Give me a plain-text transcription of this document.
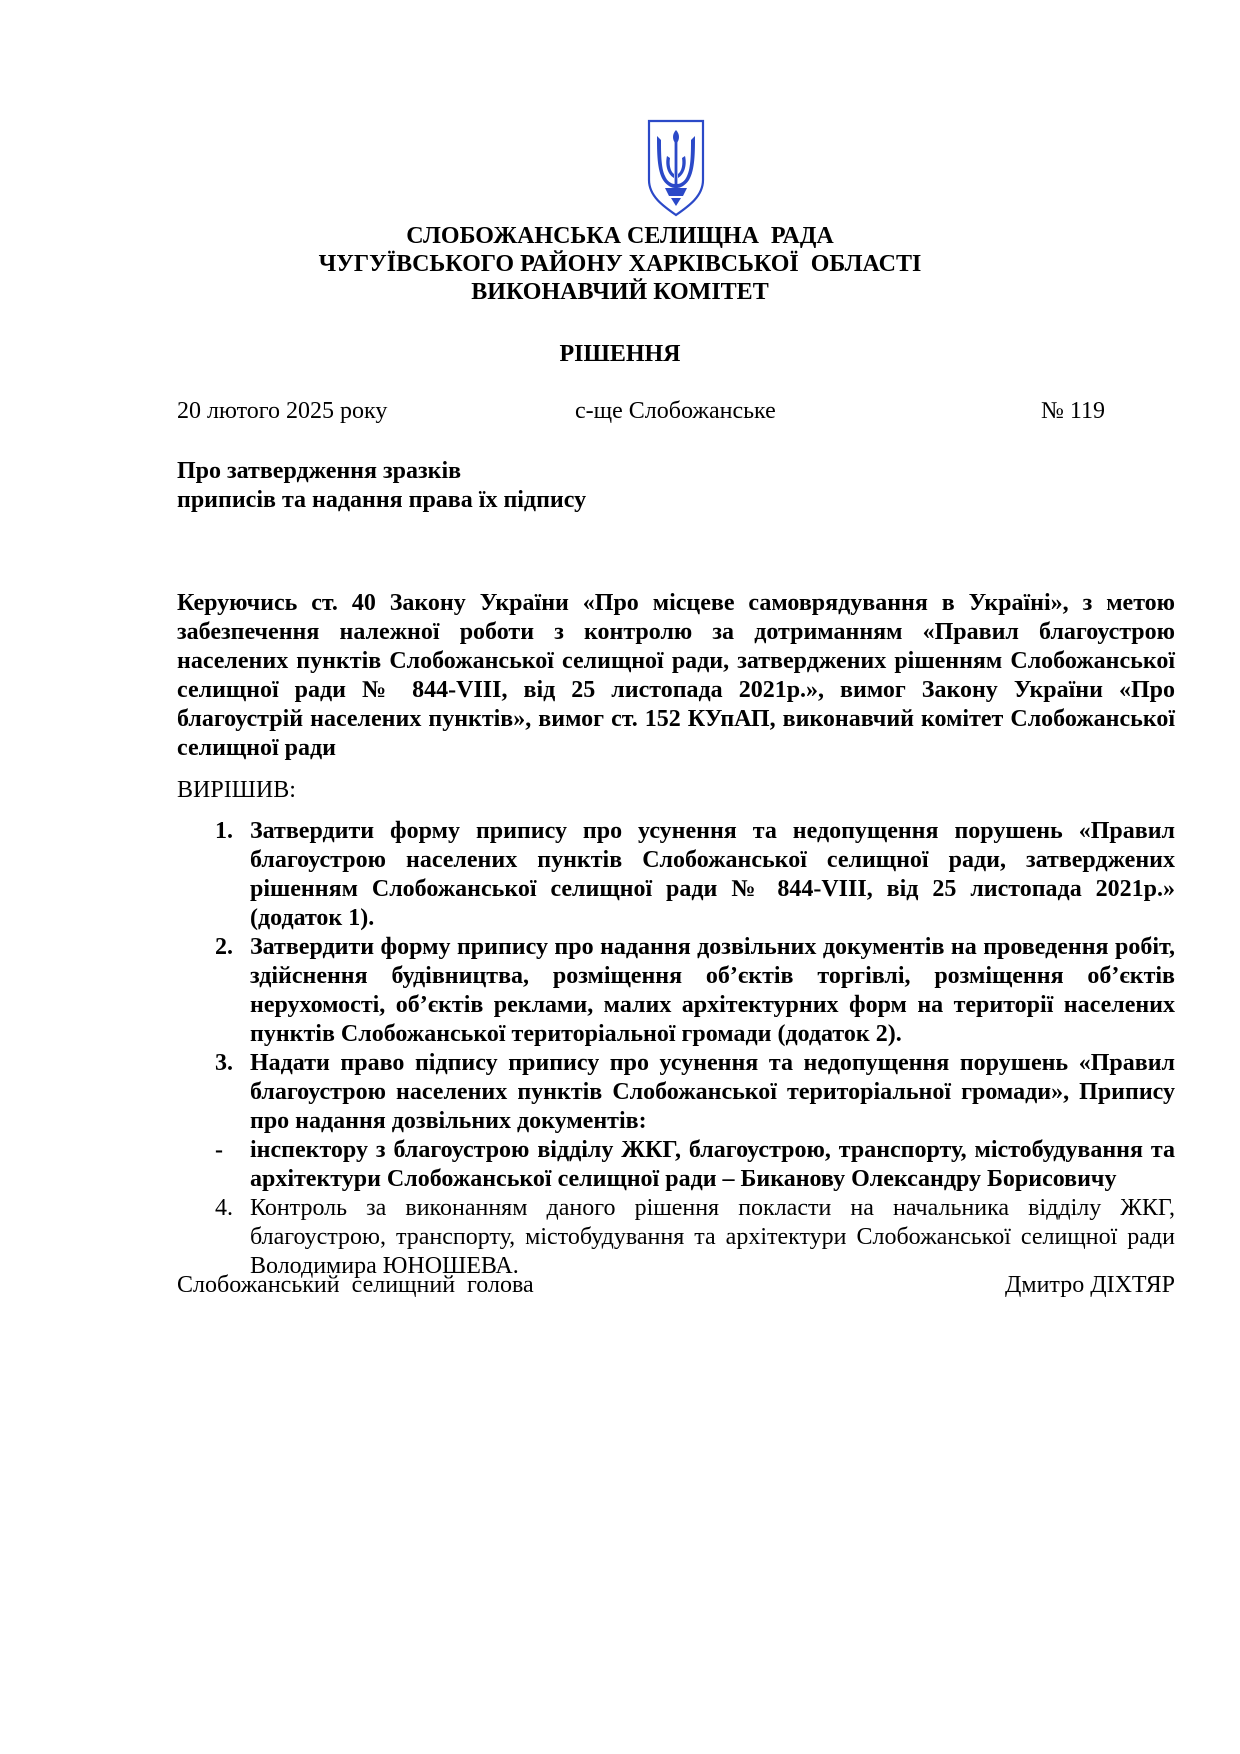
СЛОБОЖАНСЬКА СЕЛИЩНА  РАДА
ЧУГУЇВСЬКОГО РАЙОНУ ХАРКІВСЬКОЇ  ОБЛАСТІ
ВИКОНАВЧИЙ КОМІТЕТ
РІШЕННЯ
20 лютого 2025 року	с-ще Слобожанське	№ 119
Про затвердження зразків
приписів та надання права їх підпису
Керуючись ст. 40 Закону України «Про місцеве самоврядування в Україні», з метою забезпечення належної роботи з контролю за дотриманням «Правил благоустрою населених пунктів Слобожанської селищної ради, затверджених рішенням Слобожанської селищної ради № 844-VIII, від 25 листопада 2021р.», вимог Закону України «Про благоустрій населених пунктів», вимог ст. 152 КУпАП, виконавчий комітет Слобожанської селищної ради
ВИРІШИВ:
1. Затвердити форму припису про усунення та недопущення порушень «Правил благоустрою населених пунктів Слобожанської селищної ради, затверджених рішенням Слобожанської селищної ради № 844-VIII, від 25 листопада 2021р.» (додаток 1).
2. Затвердити форму припису про надання дозвільних документів на проведення робіт, здійснення будівництва, розміщення об’єктів торгівлі, розміщення об’єктів нерухомості, об’єктів реклами, малих архітектурних форм на території населених пунктів Слобожанської територіальної громади (додаток 2).
3. Надати право підпису припису про усунення та недопущення порушень «Правил благоустрою населених пунктів Слобожанської територіальної громади», Припису про надання дозвільних документів:
- інспектору з благоустрою відділу ЖКГ, благоустрою, транспорту, містобудування та архітектури Слобожанської селищної ради – Биканову Олександру Борисовичу
4. Контроль за виконанням даного рішення покласти на начальника відділу ЖКГ, благоустрою, транспорту, містобудування та архітектури Слобожанської селищної ради Володимира ЮНОШЕВА.
Слобожанський  селищний  голова	Дмитро ДІХТЯР
